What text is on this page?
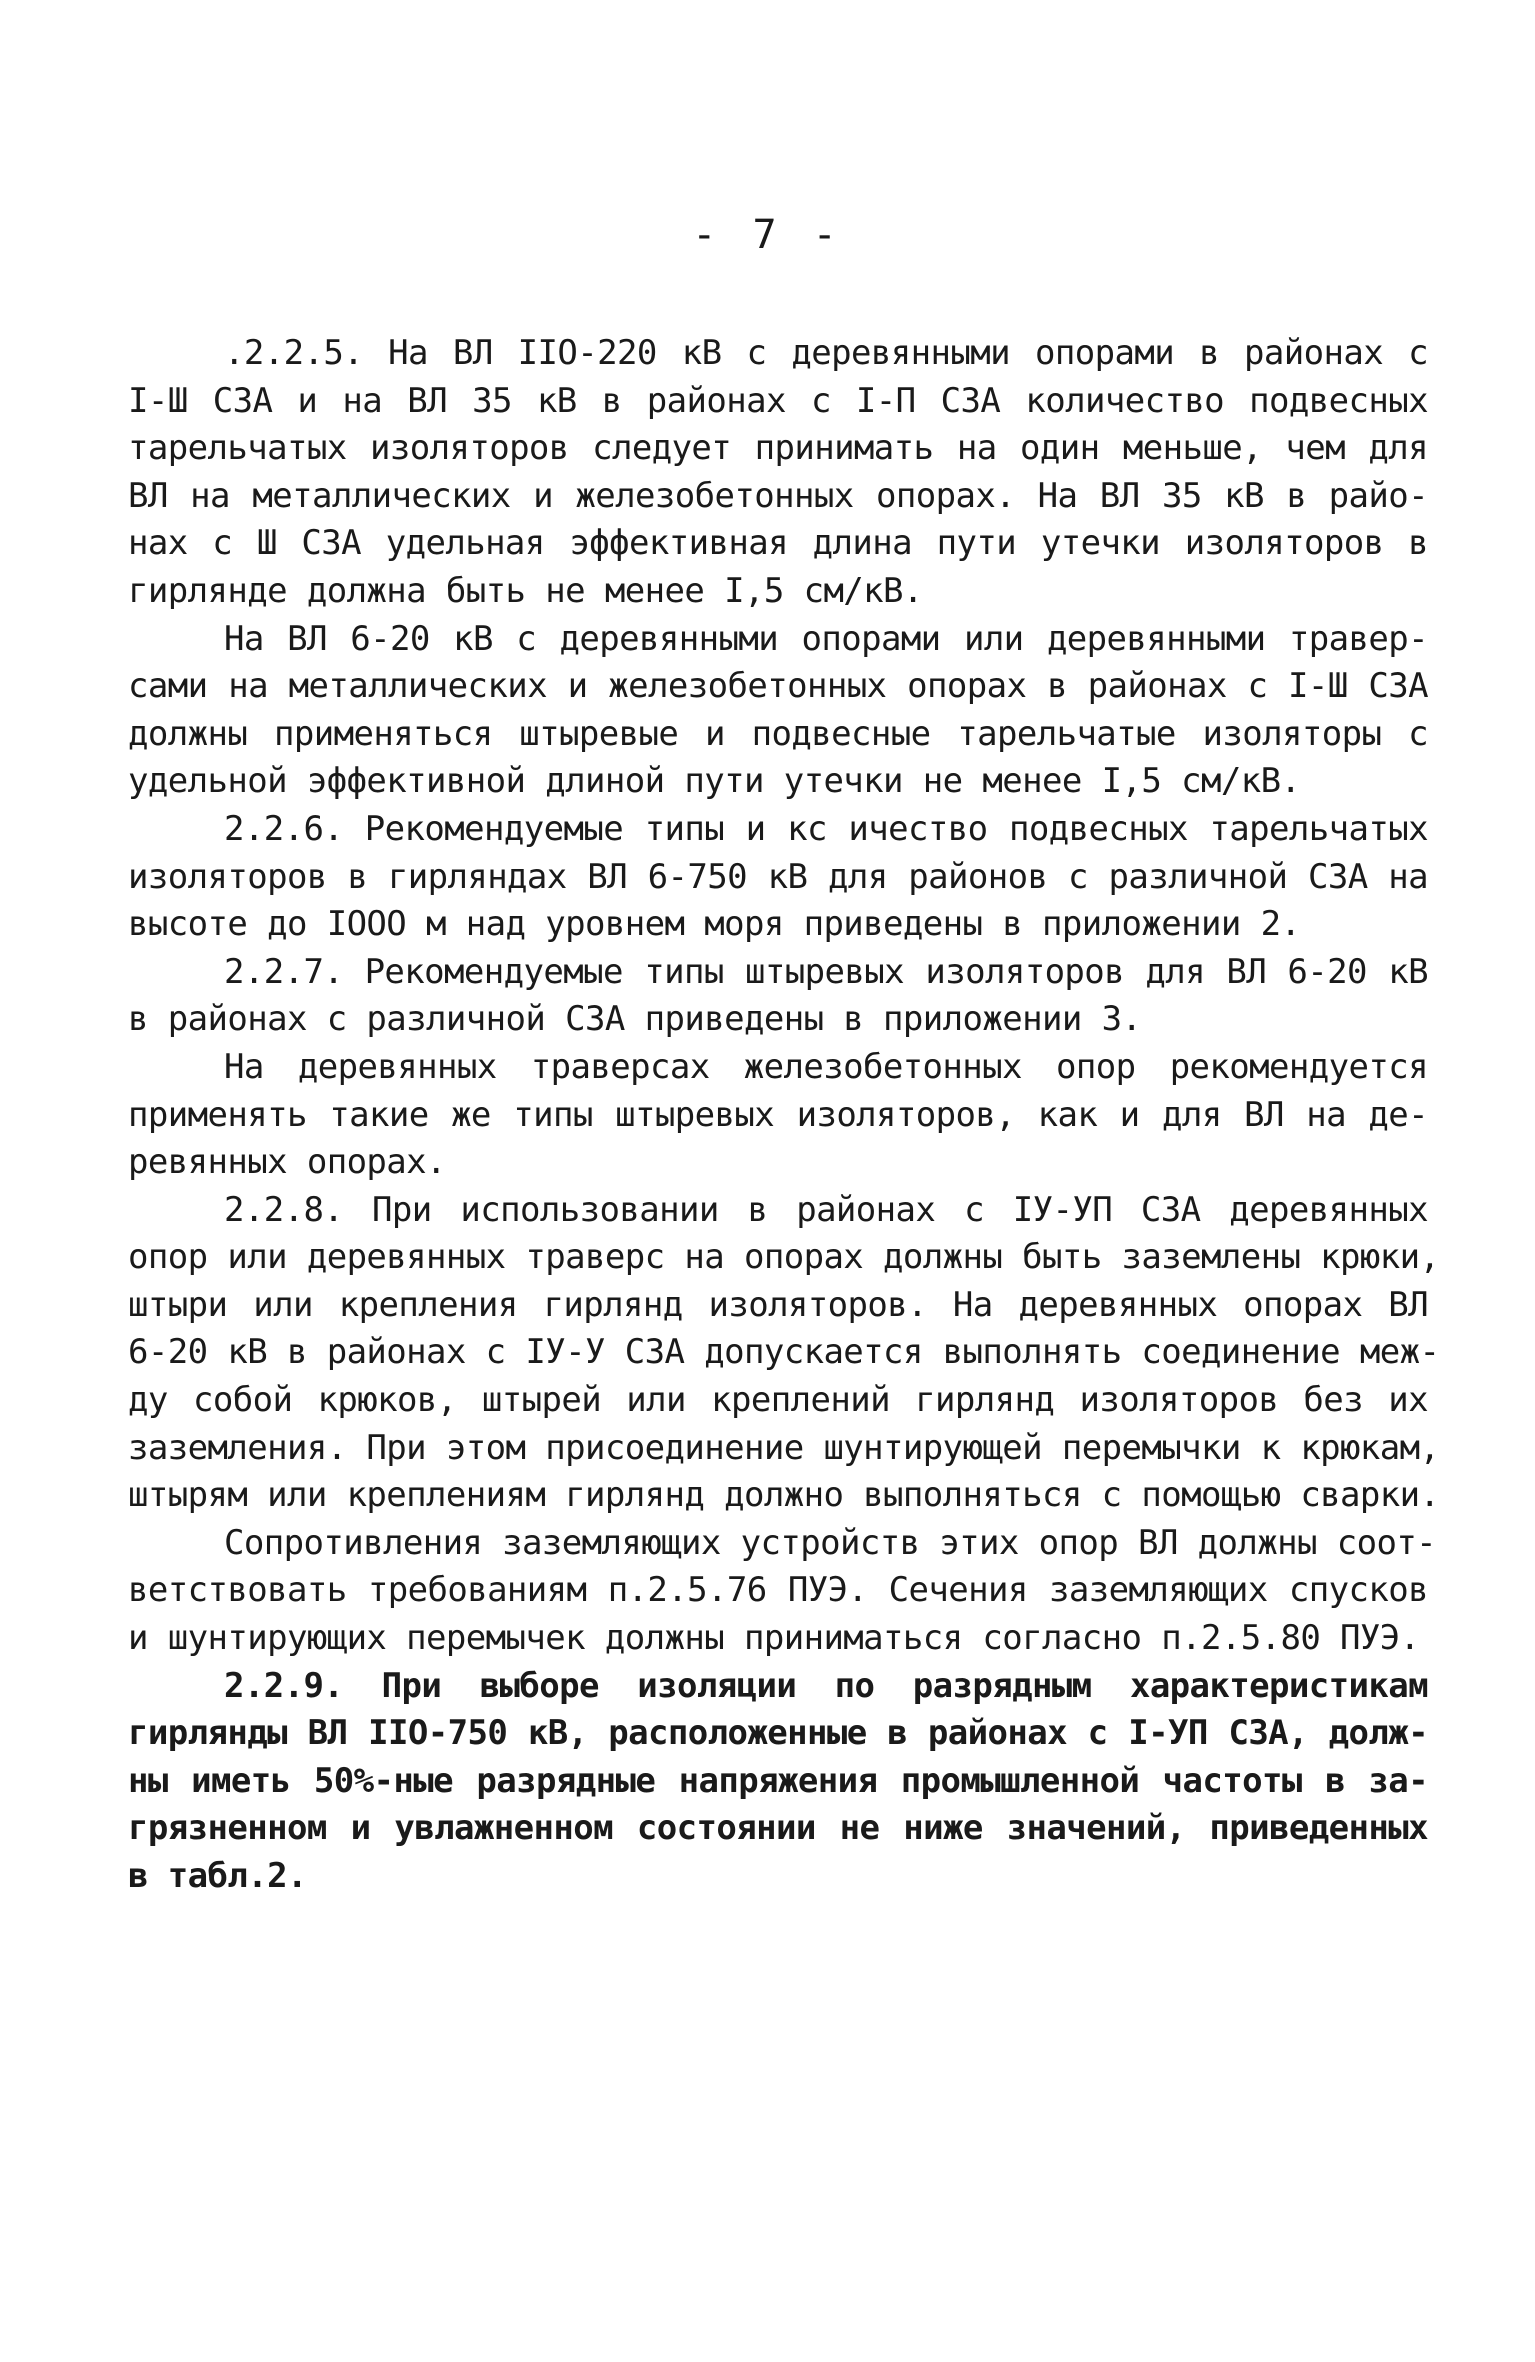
- 7 -
.2.2.5. На ВЛ IIО-220 кВ с деревянными опорами в районах с
I-Ш СЗА и на ВЛ 35 кВ в районах с I-П СЗА количество подвесных
тарельчатых изоляторов следует принимать на один меньше, чем для
ВЛ на металлических и железобетонных опорах. На ВЛ 35 кВ в райо-
нах с Ш СЗА удельная эффективная длина пути утечки изоляторов в
гирлянде должна быть не менее I,5 см/кВ.
На ВЛ 6-20 кВ с деревянными опорами или деревянными травер-
сами на металлических и железобетонных опорах в районах с I-Ш СЗА
должны применяться штыревые и подвесные тарельчатые изоляторы с
удельной эффективной длиной пути утечки не менее I,5 см/кВ.
2.2.6. Рекомендуемые типы и кс ичество подвесных тарельчатых
изоляторов в гирляндах ВЛ 6-750 кВ для районов с различной СЗА на
высоте до IООО м над уровнем моря приведены в приложении 2.
2.2.7. Рекомендуемые типы штыревых изоляторов для ВЛ 6-20 кВ
в районах с различной СЗА приведены в приложении 3.
На деревянных траверсах железобетонных опор рекомендуется
применять такие же типы штыревых изоляторов, как и для ВЛ на де-
ревянных опорах.
2.2.8. При использовании в районах с IУ-УП СЗА деревянных
опор или деревянных траверс на опорах должны быть заземлены крюки,
штыри или крепления гирлянд изоляторов. На деревянных опорах ВЛ
6-20 кВ в районах с IУ-У СЗА допускается выполнять соединение меж-
ду собой крюков, штырей или креплений гирлянд изоляторов без их
заземления. При этом присоединение шунтирующей перемычки к крюкам,
штырям или креплениям гирлянд должно выполняться с помощью сварки.
Сопротивления заземляющих устройств этих опор ВЛ должны соот-
ветствовать требованиям п.2.5.76 ПУЭ. Сечения заземляющих спусков
и шунтирующих перемычек должны приниматься согласно п.2.5.80 ПУЭ.
2.2.9. При выборе изоляции по разрядным характеристикам
гирлянды ВЛ IIО-750 кВ, расположенные в районах с I-УП СЗА, долж-
ны иметь 50%-ные разрядные напряжения промышленной частоты в за-
грязненном и увлажненном состоянии не ниже значений, приведенных
в табл.2.
